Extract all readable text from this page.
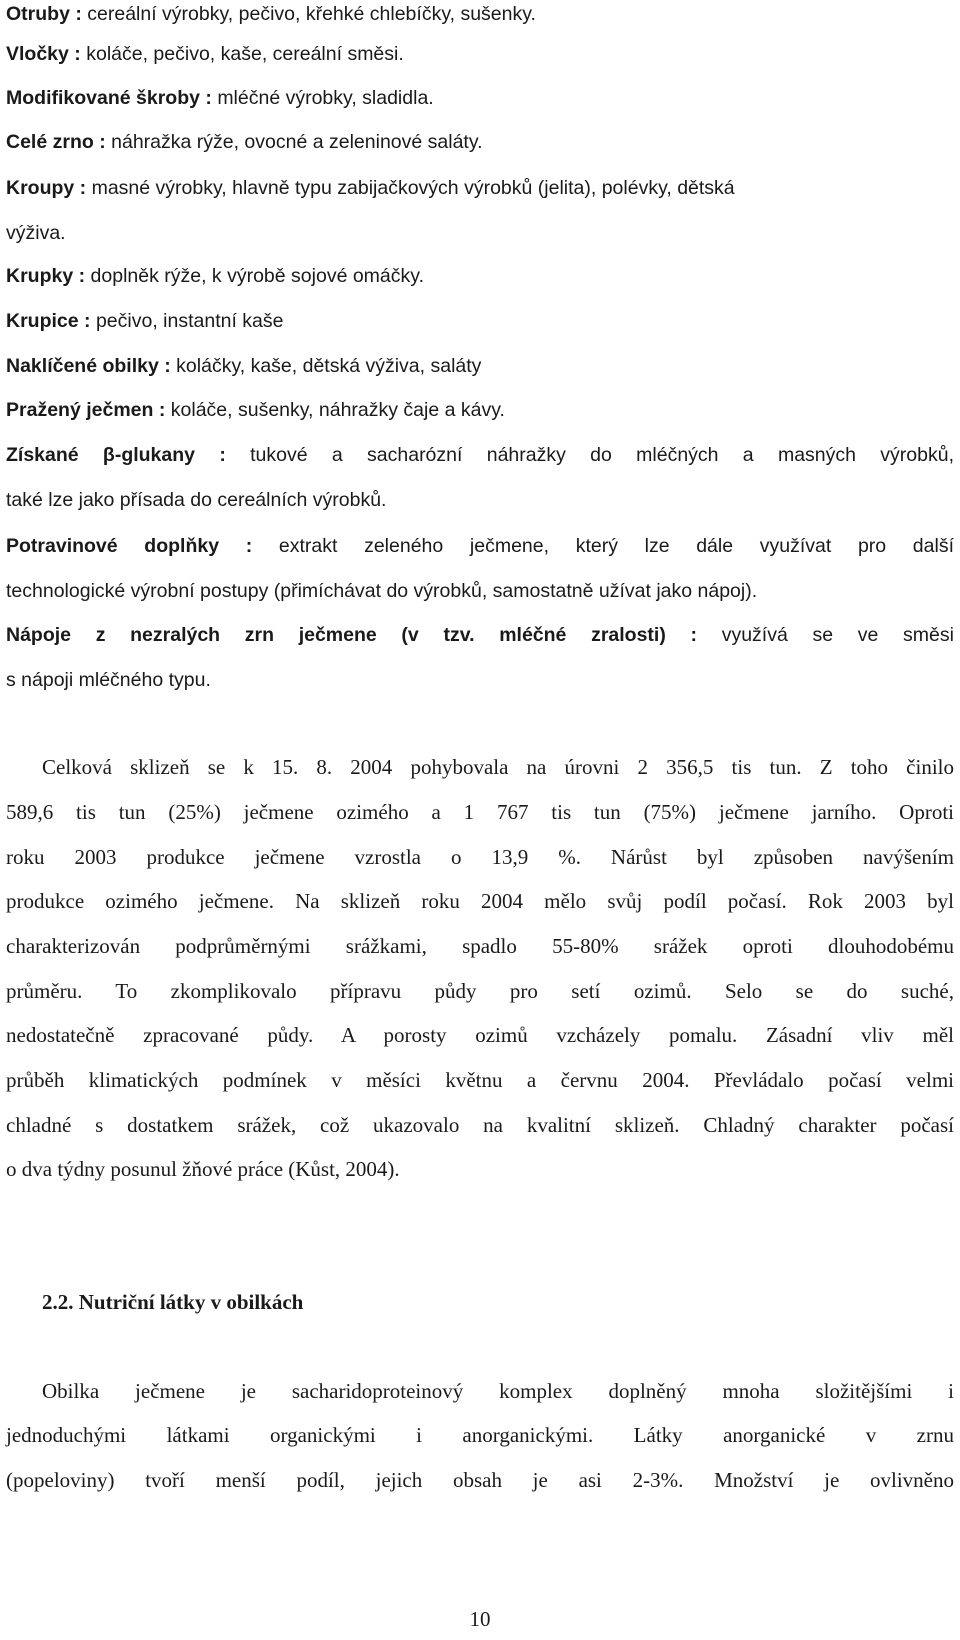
Otruby : cereální výrobky, pečivo, křehké chlebíčky, sušenky.
Vločky : koláče, pečivo, kaše, cereální směsi.
Modifikované škroby : mléčné výrobky, sladidla.
Celé zrno : náhražka rýže, ovocné a zeleninové saláty.
Kroupy : masné výrobky, hlavně typu zabijačkových výrobků (jelita), polévky, dětská
výživa.
Krupky : doplněk rýže, k výrobě sojové omáčky.
Krupice : pečivo, instantní kaše
Naklíčené obilky : koláčky, kaše, dětská výživa, saláty
Pražený ječmen : koláče, sušenky, náhražky čaje a kávy.
Získané β-glukany : tukové a sacharózní náhražky do mléčných a masných výrobků,
také lze jako přísada do cereálních výrobků.
Potravinové doplňky : extrakt zeleného ječmene, který lze dále využívat pro další
technologické výrobní postupy (přimíchávat do výrobků, samostatně užívat jako nápoj).
Nápoje z nezralých zrn ječmene (v tzv. mléčné zralosti) : využívá se ve směsi
s nápoji mléčného typu.
Celková sklizeň se k 15. 8. 2004 pohybovala na úrovni 2 356,5 tis tun. Z toho činilo
589,6 tis tun (25%) ječmene ozimého a 1 767 tis tun (75%) ječmene jarního. Oproti
roku 2003 produkce ječmene vzrostla o 13,9 %. Nárůst byl způsoben navýšením
produkce ozimého ječmene. Na sklizeň roku 2004 mělo svůj podíl počasí. Rok 2003 byl
charakterizován podprůměrnými srážkami, spadlo 55-80% srážek oproti dlouhodobému
průměru. To zkomplikovalo přípravu půdy pro setí ozimů. Selo se do suché,
nedostatečně zpracované půdy. A porosty ozimů vzcházely pomalu. Zásadní vliv měl
průběh klimatických podmínek v měsíci květnu a červnu 2004. Převládalo počasí velmi
chladné s dostatkem srážek, což ukazovalo na kvalitní sklizeň. Chladný charakter počasí
o dva týdny posunul žňové práce (Kůst, 2004).
2.2. Nutriční látky v obilkách
Obilka ječmene je sacharidoproteinový komplex doplněný mnoha složitějšími i
jednoduchými látkami organickými i anorganickými. Látky anorganické v zrnu
(popeloviny) tvoří menší podíl, jejich obsah je asi 2-3%. Množství je ovlivněno
10
